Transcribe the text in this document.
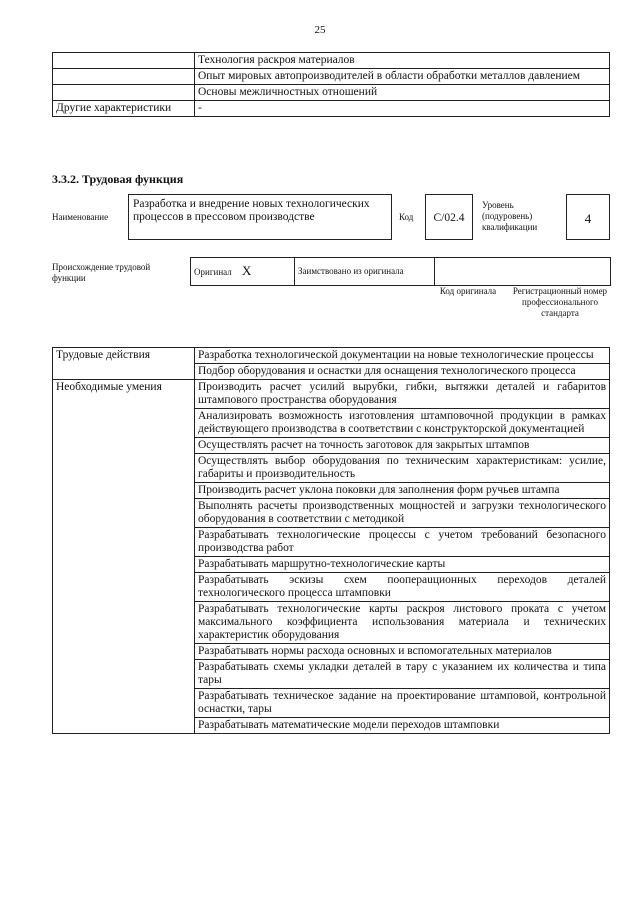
25
	Технология раскроя материалов
	Опыт мировых автопроизводителей в области обработки металлов давлением
	Основы межличностных отношений
Другие характеристики	-
3.3.2. Трудовая функция
Наименование
Разработка и внедрение новых технологических процессов в прессовом производстве	Код	С/02.4
Уровень (подуровень) квалификации
4
Происхождение трудовой функции
Оригинал X	Заимствовано из оригинала	
Код оригинала	Регистрационный номер профессионального стандарта
Трудовые действия	Разработка технологической документации на новые технологические процессы
	Подбор оборудования и оснастки для оснащения технологического процесса
Необходимые умения	Производить расчет усилий вырубки, гибки, вытяжки деталей и габаритов штампового пространства оборудования
	Анализировать возможность изготовления штамповочной продукции в рамках действующего производства в соответствии с конструкторской документацией
	Осуществлять расчет на точность заготовок для закрытых штампов
	Осуществлять выбор оборудования по техническим характеристикам: усилие, габариты и производительность
	Производить расчет уклона поковки для заполнения форм ручьев штампа
	Выполнять расчеты производственных мощностей и загрузки технологического оборудования в соответствии с методикой
	Разрабатывать технологические процессы с учетом требований безопасного производства работ
	Разрабатывать маршрутно-технологические карты
	Разрабатывать эскизы схем поопераuционных переходов деталей технологического процесса штамповки
	Разрабатывать технологические карты раскроя листового проката с учетом максимального коэффициента использования материала и технических характеристик оборудования
	Разрабатывать нормы расхода основных и вспомогательных материалов
	Разрабатывать схемы укладки деталей в тару с указанием их количества и типа тары
	Разрабатывать техническое задание на проектирование штамповой, контрольной оснастки, тары
	Разрабатывать математические модели переходов штамповки
